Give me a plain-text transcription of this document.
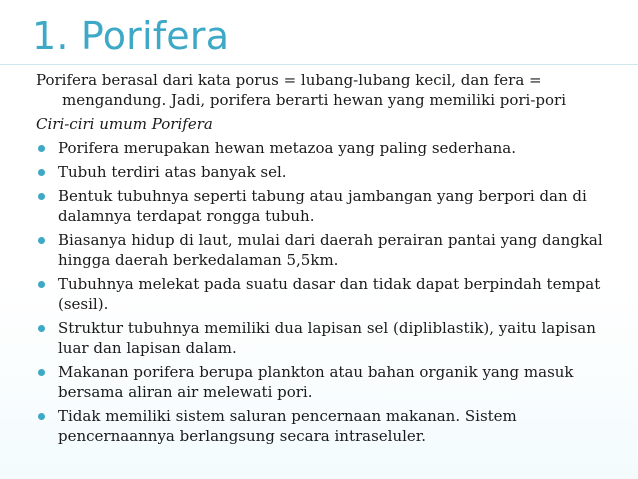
1. Porifera

Porifera berasal dari kata porus = lubang-lubang kecil, dan fera = mengandung. Jadi, porifera berarti hewan yang memiliki pori-pori

Ciri-ciri umum Porifera

Porifera merupakan hewan metazoa yang paling sederhana.
Tubuh terdiri atas banyak sel.
Bentuk tubuhnya seperti tabung atau jambangan yang berpori dan di dalamnya terdapat rongga tubuh.
Biasanya hidup di laut, mulai dari daerah perairan pantai yang dangkal hingga daerah berkedalaman 5,5km.
Tubuhnya melekat pada suatu dasar dan tidak dapat berpindah tempat (sesil).
Struktur tubuhnya memiliki dua lapisan sel (dipliblastik), yaitu lapisan luar dan lapisan dalam.
Makanan porifera berupa plankton atau bahan organik yang masuk bersama aliran air melewati pori.
Tidak memiliki sistem saluran pencernaan makanan. Sistem pencernaannya berlangsung secara intraseluler.
